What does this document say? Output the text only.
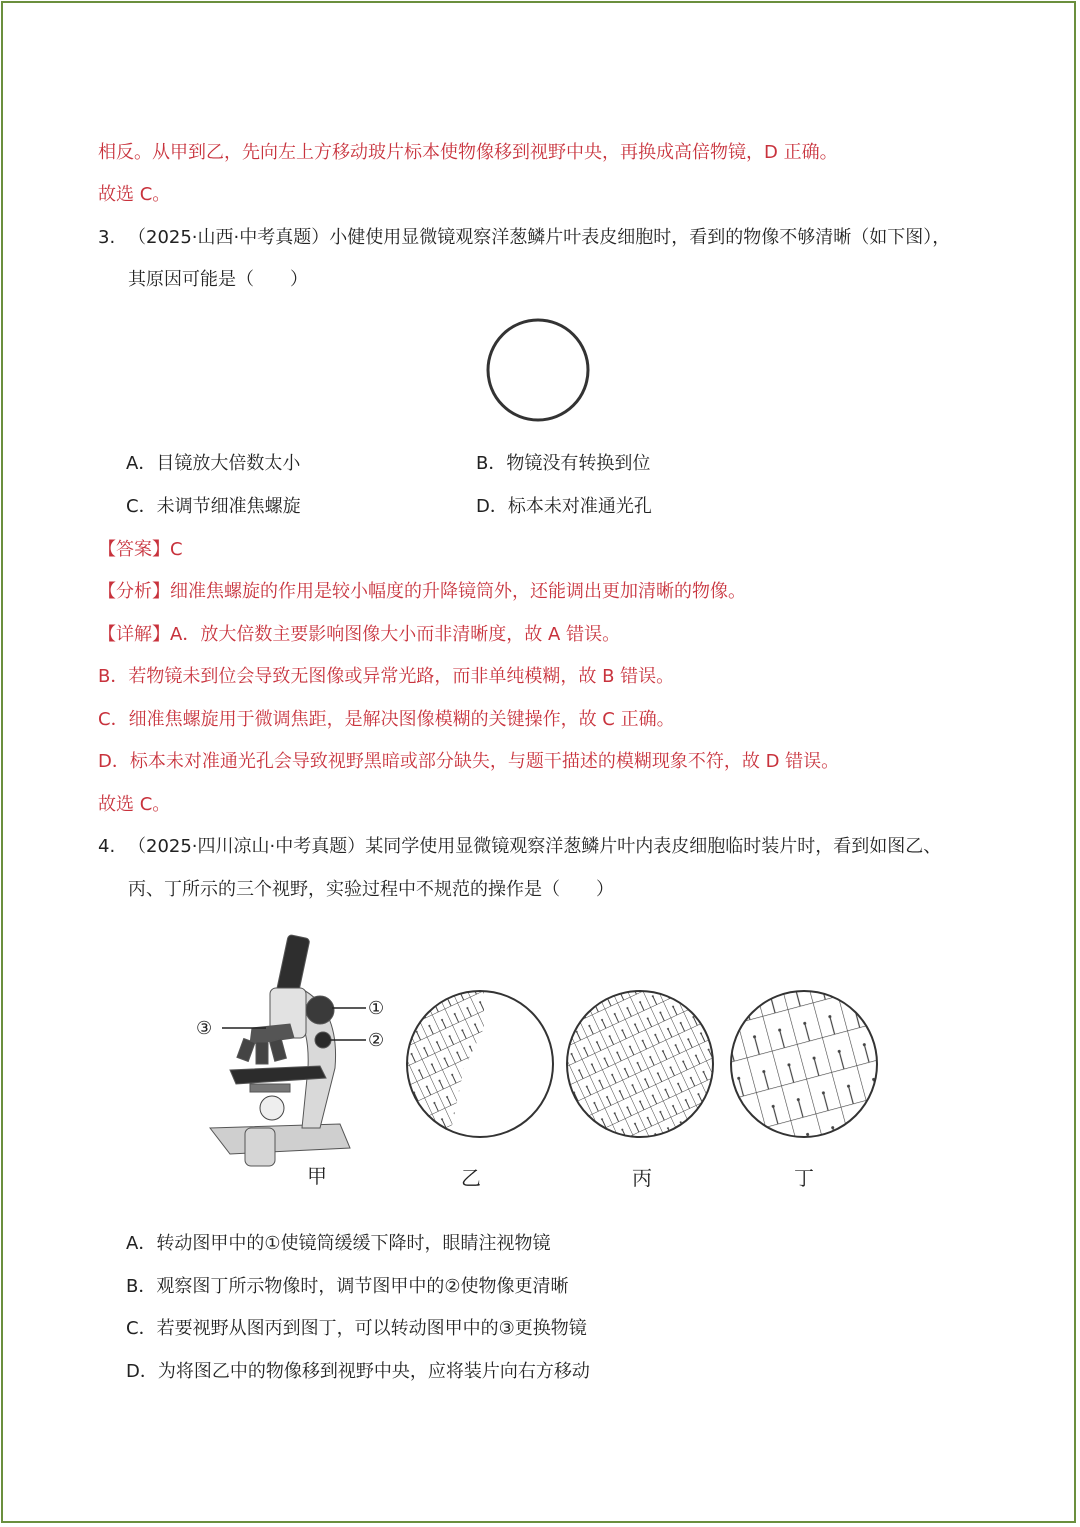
相反。从甲到乙，先向左上方移动玻片标本使物像移到视野中央，再换成高倍物镜，D 正确。
故选 C。
3. （2025·山西·中考真题）小健使用显微镜观察洋葱鳞片叶表皮细胞时，看到的物像不够清晰（如下图），
其原因可能是（　　）
A．目镜放大倍数太小	B．物镜没有转换到位
C．未调节细准焦螺旋	D．标本未对准通光孔
【答案】C
【分析】细准焦螺旋的作用是较小幅度的升降镜筒外，还能调出更加清晰的物像。
【详解】A．放大倍数主要影响图像大小而非清晰度，故 A 错误。
B．若物镜未到位会导致无图像或异常光路，而非单纯模糊，故 B 错误。
C．细准焦螺旋用于微调焦距，是解决图像模糊的关键操作，故 C 正确。
D．标本未对准通光孔会导致视野黑暗或部分缺失，与题干描述的模糊现象不符，故 D 错误。
故选 C。
4. （2025·四川凉山·中考真题）某同学使用显微镜观察洋葱鳞片叶内表皮细胞临时装片时，看到如图乙、
丙、丁所示的三个视野，实验过程中不规范的操作是（　　）
①
②
③
甲	乙	丙	丁
A．转动图甲中的①使镜筒缓缓下降时，眼睛注视物镜
B．观察图丁所示物像时，调节图甲中的②使物像更清晰
C．若要视野从图丙到图丁，可以转动图甲中的③更换物镜
D．为将图乙中的物像移到视野中央，应将装片向右方移动
